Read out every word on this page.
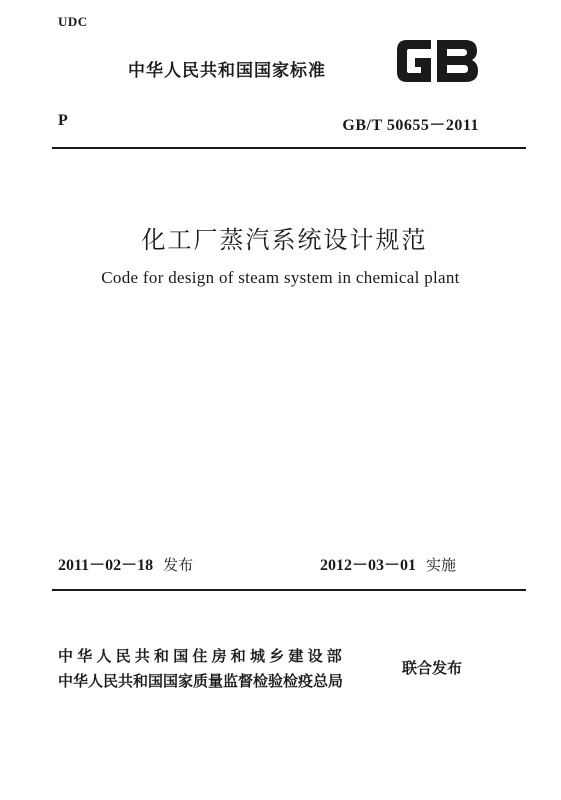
UDC
中华人民共和国国家标准
P	GB/T 50655－2011
化工厂蒸汽系统设计规范
Code for design of steam system in chemical plant
2011－02－18 发布	2012－03－01 实施
中华人民共和国住房和城乡建设部
中华人民共和国国家质量监督检验检疫总局
联合发布
